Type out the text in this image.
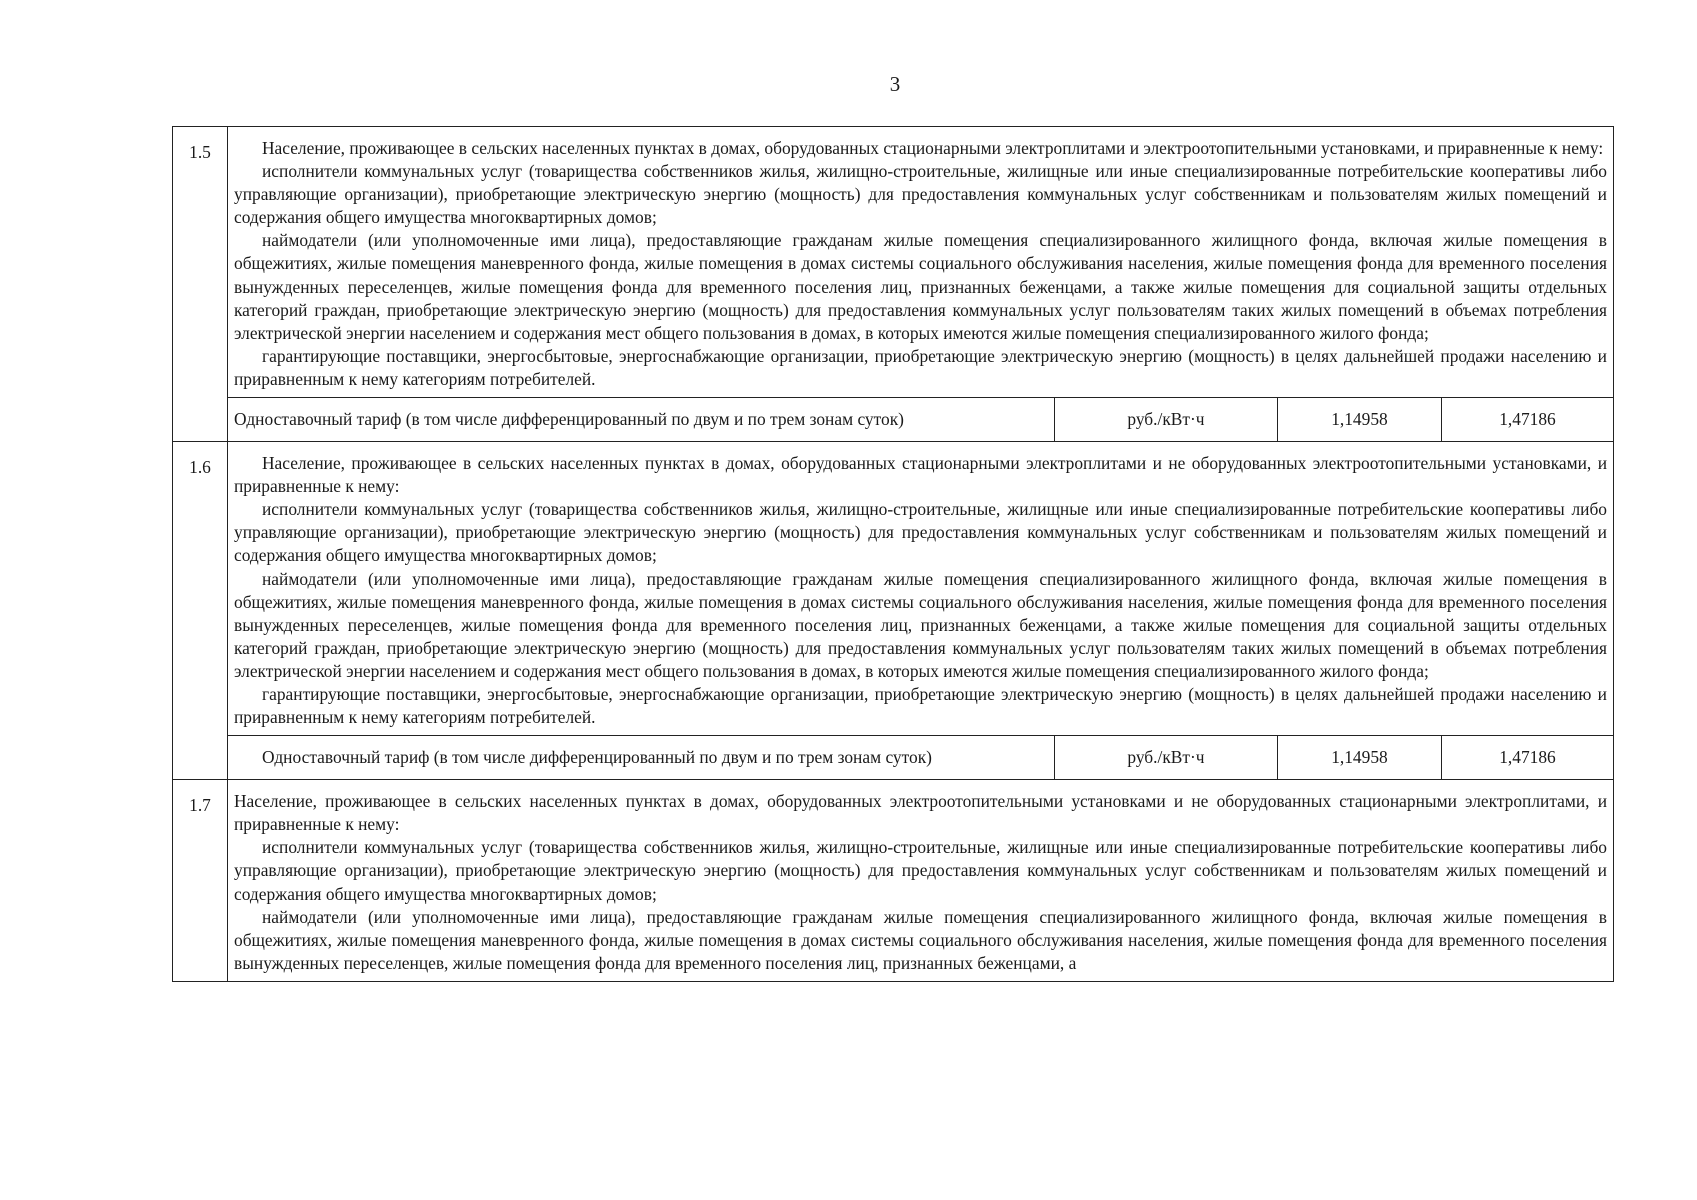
3
1.5	Население, проживающее в сельских населенных пунктах в домах, оборудованных стационарными электроплитами и электроотопительными установками, и приравненные к нему:

исполнители коммунальных услуг (товарищества собственников жилья, жилищно-строительные, жилищные или иные специализированные потребительские кооперативы либо управляющие организации), приобретающие электрическую энергию (мощность) для предоставления коммунальных услуг собственникам и пользователям жилых помещений и содержания общего имущества многоквартирных домов;

наймодатели (или уполномоченные ими лица), предоставляющие гражданам жилые помещения специализированного жилищного фонда, включая жилые помещения в общежитиях, жилые помещения маневренного фонда, жилые помещения в домах системы социального обслуживания населения, жилые помещения фонда для временного поселения вынужденных переселенцев, жилые помещения фонда для временного поселения лиц, признанных беженцами, а также жилые помещения для социальной защиты отдельных категорий граждан, приобретающие электрическую энергию (мощность) для предоставления коммунальных услуг пользователям таких жилых помещений в объемах потребления электрической энергии населением и содержания мест общего пользования в домах, в которых имеются жилые помещения специализированного жилого фонда;

гарантирующие поставщики, энергосбытовые, энергоснабжающие организации, приобретающие электрическую энергию (мощность) в целях дальнейшей продажи населению и приравненным к нему категориям потребителей.			

	Одноставочный тариф (в том числе дифференцированный по двум и по трем зонам суток)	руб./кВт·ч	1,14958	1,47186
1.6	Население, проживающее в сельских населенных пунктах в домах, оборудованных стационарными электроплитами и не оборудованных электроотопительными установками, и приравненные к нему:

исполнители коммунальных услуг (товарищества собственников жилья, жилищно-строительные, жилищные или иные специализированные потребительские кооперативы либо управляющие организации), приобретающие электрическую энергию (мощность) для предоставления коммунальных услуг собственникам и пользователям жилых помещений и содержания общего имущества многоквартирных домов;

наймодатели (или уполномоченные ими лица), предоставляющие гражданам жилые помещения специализированного жилищного фонда, включая жилые помещения в общежитиях, жилые помещения маневренного фонда, жилые помещения в домах системы социального обслуживания населения, жилые помещения фонда для временного поселения вынужденных переселенцев, жилые помещения фонда для временного поселения лиц, признанных беженцами, а также жилые помещения для социальной защиты отдельных категорий граждан, приобретающие электрическую энергию (мощность) для предоставления коммунальных услуг пользователям таких жилых помещений в объемах потребления электрической энергии населением и содержания мест общего пользования в домах, в которых имеются жилые помещения специализированного жилого фонда;

гарантирующие поставщики, энергосбытовые, энергоснабжающие организации, приобретающие электрическую энергию (мощность) в целях дальнейшей продажи населению и приравненным к нему категориям потребителей.			

	Одноставочный тариф (в том числе дифференцированный по двум и по трем зонам суток)	руб./кВт·ч	1,14958	1,47186
1.7	Население, проживающее в сельских населенных пунктах в домах, оборудованных электроотопительными установками и не оборудованных стационарными электроплитами, и приравненные к нему:

исполнители коммунальных услуг (товарищества собственников жилья, жилищно-строительные, жилищные или иные специализированные потребительские кооперативы либо управляющие организации), приобретающие электрическую энергию (мощность) для предоставления коммунальных услуг собственникам и пользователям жилых помещений и содержания общего имущества многоквартирных домов;

наймодатели (или уполномоченные ими лица), предоставляющие гражданам жилые помещения специализированного жилищного фонда, включая жилые помещения в общежитиях, жилые помещения маневренного фонда, жилые помещения в домах системы социального обслуживания населения, жилые помещения фонда для временного поселения вынужденных переселенцев, жилые помещения фонда для временного поселения лиц, признанных беженцами, а			
